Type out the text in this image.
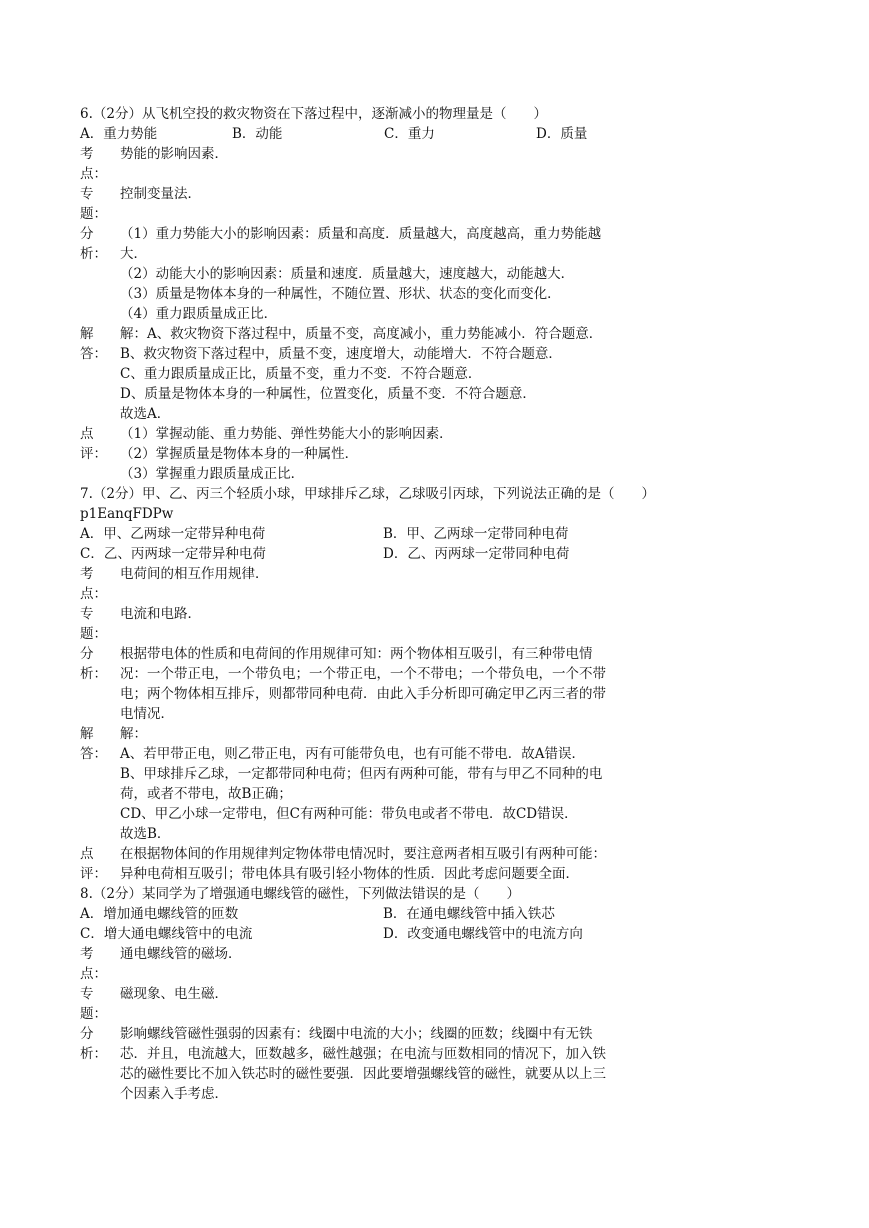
6.（2分）从飞机空投的救灾物资在下落过程中，逐渐减小的物理量是（　　）
A．重力势能	B．动能	C．重力	D．质量
考
点：
势能的影响因素．
专
题：
控制变量法．
分
析：
（1）重力势能大小的影响因素：质量和高度．质量越大，高度越高，重力势能越
大．
（2）动能大小的影响因素：质量和速度．质量越大，速度越大，动能越大．
（3）质量是物体本身的一种属性，不随位置、形状、状态的变化而变化．
（4）重力跟质量成正比．
解
答：
解：A、救灾物资下落过程中，质量不变，高度减小，重力势能减小．符合题意．
B、救灾物资下落过程中，质量不变，速度增大，动能增大．不符合题意．
C、重力跟质量成正比，质量不变，重力不变．不符合题意．
D、质量是物体本身的一种属性，位置变化，质量不变．不符合题意．
故选A．
点
评：
（1）掌握动能、重力势能、弹性势能大小的影响因素．
（2）掌握质量是物体本身的一种属性．
（3）掌握重力跟质量成正比．
7.（2分）甲、乙、丙三个轻质小球，甲球排斥乙球，乙球吸引丙球，下列说法正确的是（　　）
p1EanqFDPw
A．甲、乙两球一定带异种电荷	B．甲、乙两球一定带同种电荷
C．乙、丙两球一定带异种电荷	D．乙、丙两球一定带同种电荷
考
点：
电荷间的相互作用规律．
专
题：
电流和电路．
分
析：
根据带电体的性质和电荷间的作用规律可知：两个物体相互吸引，有三种带电情
况：一个带正电，一个带负电；一个带正电，一个不带电；一个带负电，一个不带
电；两个物体相互排斥，则都带同种电荷．由此入手分析即可确定甲乙丙三者的带
电情况．
解
答：
解：
A、若甲带正电，则乙带正电，丙有可能带负电，也有可能不带电．故A错误．
B、甲球排斥乙球，一定都带同种电荷；但丙有两种可能，带有与甲乙不同种的电
荷，或者不带电，故B正确；
CD、甲乙小球一定带电，但C有两种可能：带负电或者不带电．故CD错误．
故选B．
点
评：
在根据物体间的作用规律判定物体带电情况时，要注意两者相互吸引有两种可能：
异种电荷相互吸引；带电体具有吸引轻小物体的性质．因此考虑问题要全面．
8.（2分）某同学为了增强通电螺线管的磁性，下列做法错误的是（　　）
A．增加通电螺线管的匝数	B．在通电螺线管中插入铁芯
C．增大通电螺线管中的电流	D．改变通电螺线管中的电流方向
考
点：
通电螺线管的磁场．
专
题：
磁现象、电生磁．
分
析：
影响螺线管磁性强弱的因素有：线圈中电流的大小；线圈的匝数；线圈中有无铁
芯．并且，电流越大，匝数越多，磁性越强；在电流与匝数相同的情况下，加入铁
芯的磁性要比不加入铁芯时的磁性要强．因此要增强螺线管的磁性，就要从以上三
个因素入手考虑．
